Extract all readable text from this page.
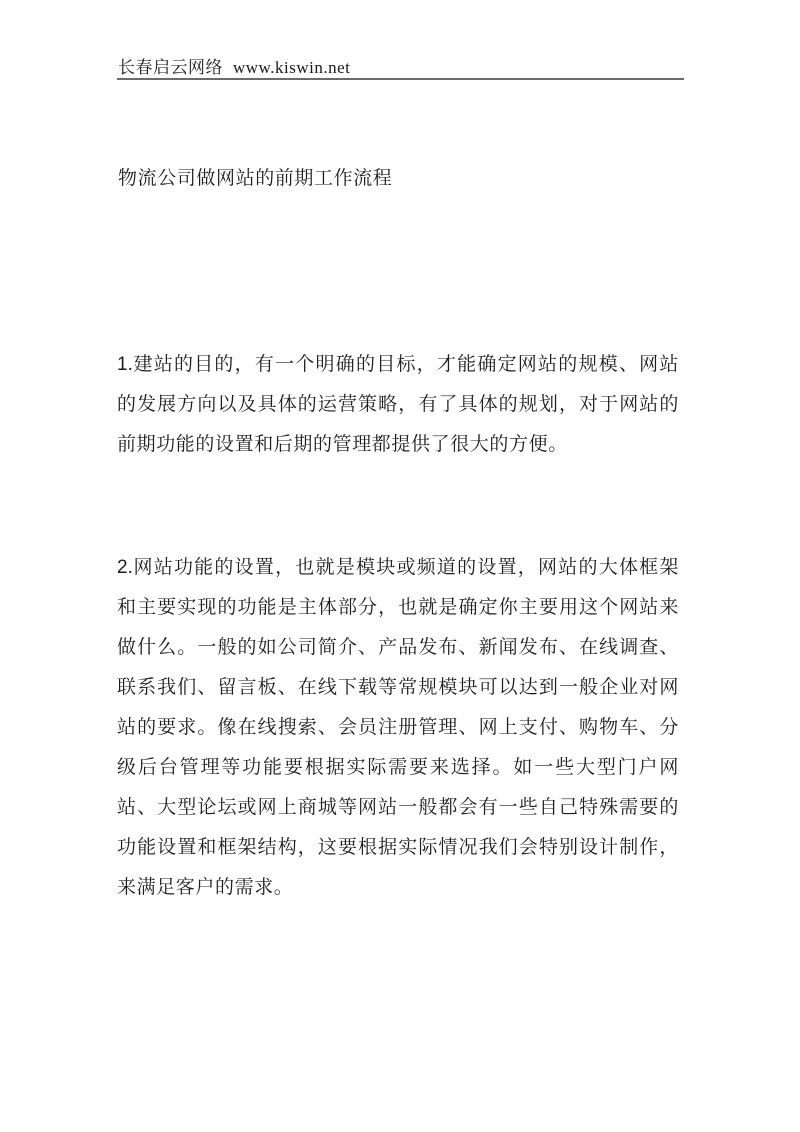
长春启云网络 www.kiswin.net
物流公司做网站的前期工作流程

1.建站的目的，有一个明确的目标，才能确定网站的规模、网站的发展方向以及具体的运营策略，有了具体的规划，对于网站的前期功能的设置和后期的管理都提供了很大的方便。

2.网站功能的设置，也就是模块或频道的设置，网站的大体框架和主要实现的功能是主体部分，也就是确定你主要用这个网站来做什么。一般的如公司简介、产品发布、新闻发布、在线调查、联系我们、留言板、在线下载等常规模块可以达到一般企业对网站的要求。像在线搜索、会员注册管理、网上支付、购物车、分级后台管理等功能要根据实际需要来选择。如一些大型门户网站、大型论坛或网上商城等网站一般都会有一些自己特殊需要的功能设置和框架结构，这要根据实际情况我们会特别设计制作，来满足客户的需求。
